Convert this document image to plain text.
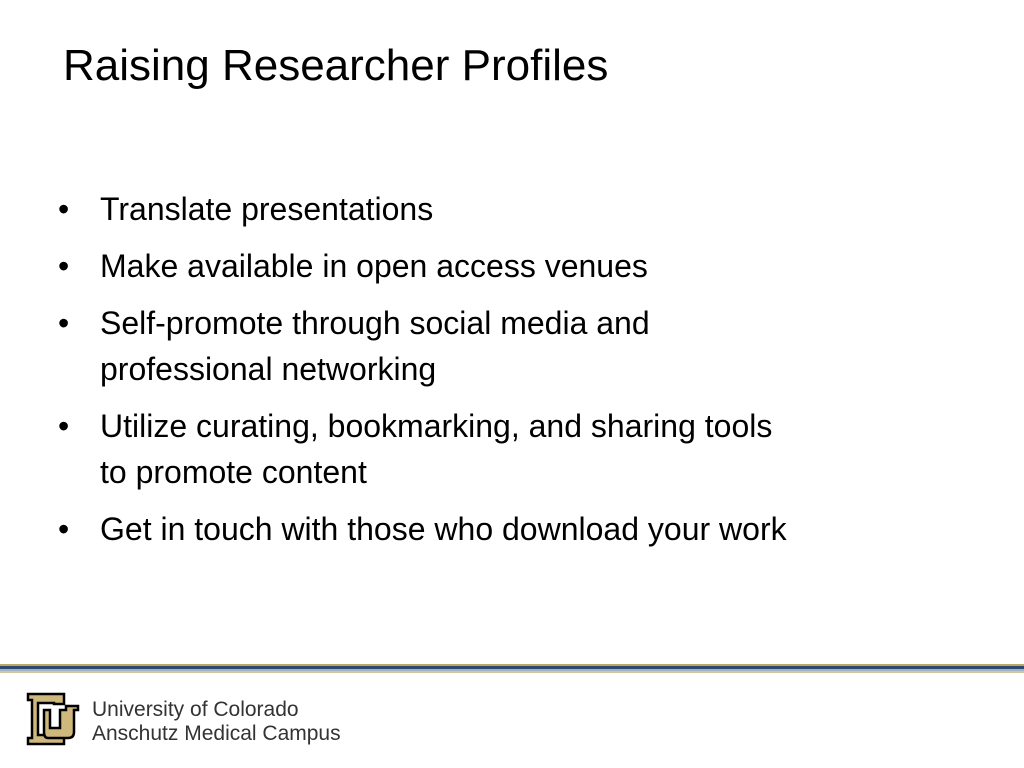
Raising Researcher Profiles
• Translate presentations
• Make available in open access venues
• Self-promote through social media and
professional networking
• Utilize curating, bookmarking, and sharing tools
to promote content
• Get in touch with those who download your work
University of Colorado
Anschutz Medical Campus
